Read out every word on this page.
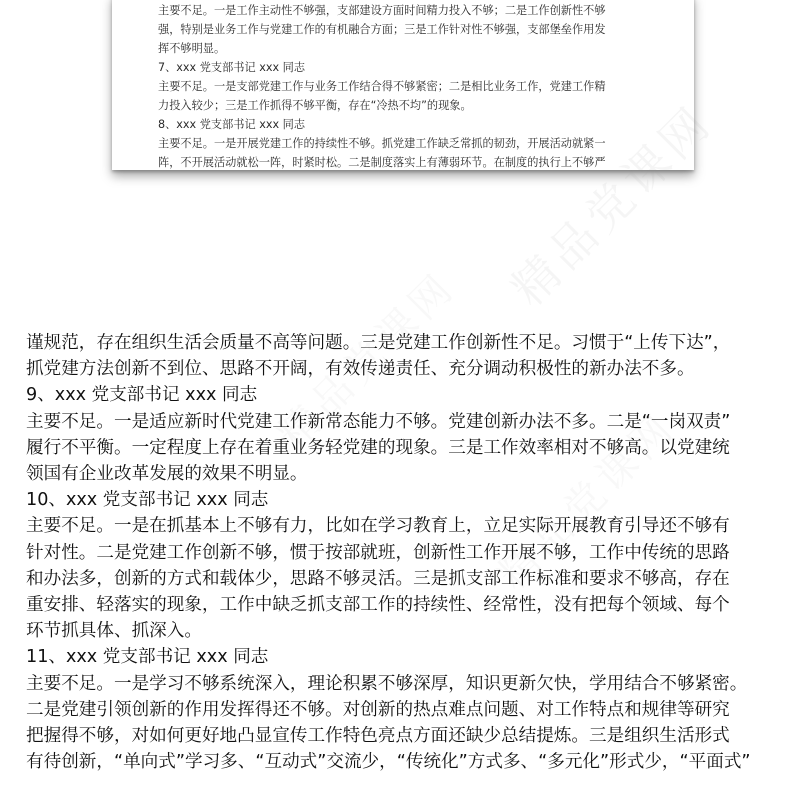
主要不足。一是工作主动性不够强，支部建设方面时间精力投入不够；二是工作创新性不够

强，特别是业务工作与党建工作的有机融合方面；三是工作针对性不够强，支部堡垒作用发

挥不够明显。

7、xxx 党支部书记 xxx 同志

主要不足。一是支部党建工作与业务工作结合得不够紧密；二是相比业务工作，党建工作精

力投入较少；三是工作抓得不够平衡，存在“冷热不均”的现象。

8、xxx 党支部书记 xxx 同志

主要不足。一是开展党建工作的持续性不够。抓党建工作缺乏常抓的韧劲，开展活动就紧一

阵，不开展活动就松一阵，时紧时松。二是制度落实上有薄弱环节。在制度的执行上不够严

精品党课网
精品党课网
精品党课网

谨规范，存在组织生活会质量不高等问题。三是党建工作创新性不足。习惯于“上传下达”，

抓党建方法创新不到位、思路不开阔，有效传递责任、充分调动积极性的新办法不多。

9、xxx 党支部书记 xxx 同志

主要不足。一是适应新时代党建工作新常态能力不够。党建创新办法不多。二是“一岗双责”

履行不平衡。一定程度上存在着重业务轻党建的现象。三是工作效率相对不够高。以党建统

领国有企业改革发展的效果不明显。

10、xxx 党支部书记 xxx 同志

主要不足。一是在抓基本上不够有力，比如在学习教育上，立足实际开展教育引导还不够有

针对性。二是党建工作创新不够，惯于按部就班，创新性工作开展不够，工作中传统的思路

和办法多，创新的方式和载体少，思路不够灵活。三是抓支部工作标准和要求不够高，存在

重安排、轻落实的现象，工作中缺乏抓支部工作的持续性、经常性，没有把每个领域、每个

环节抓具体、抓深入。

11、xxx 党支部书记 xxx 同志

主要不足。一是学习不够系统深入，理论积累不够深厚，知识更新欠快，学用结合不够紧密。

二是党建引领创新的作用发挥得还不够。对创新的热点难点问题、对工作特点和规律等研究

把握得不够，对如何更好地凸显宣传工作特色亮点方面还缺少总结提炼。三是组织生活形式

有待创新，“单向式”学习多、“互动式”交流少，“传统化”方式多、“多元化”形式少，“平面式”
